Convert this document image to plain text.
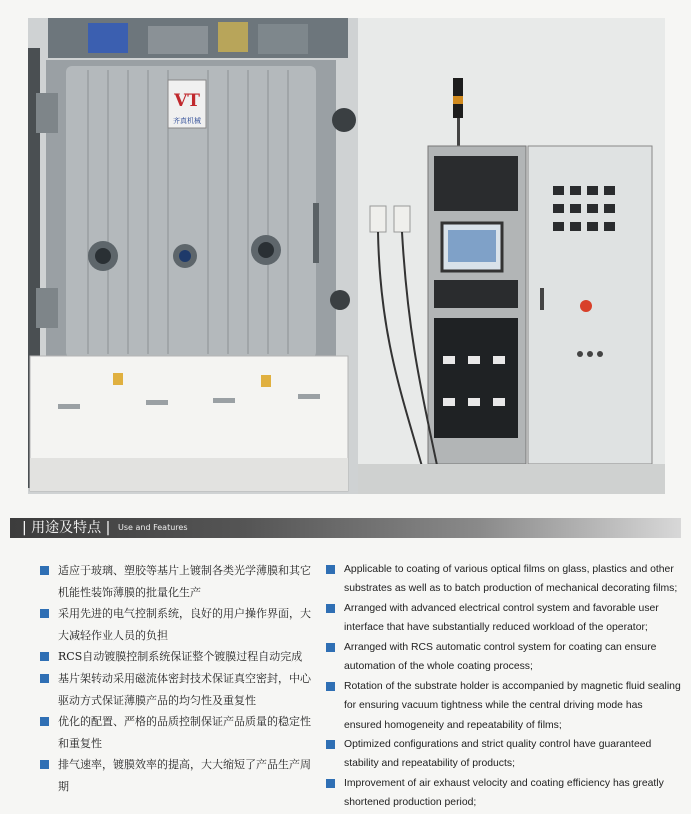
VT
齐真机械
| 用途及特点 | Use and Features
适应于玻璃、塑胶等基片上镀制各类光学薄膜和其它机能性装饰薄膜的批量化生产
采用先进的电气控制系统，良好的用户操作界面，大大减轻作业人员的负担
RCS自动镀膜控制系统保证整个镀膜过程自动完成
基片架转动采用磁流体密封技术保证真空密封，中心驱动方式保证薄膜产品的均匀性及重复性
优化的配置、严格的品质控制保证产品质量的稳定性和重复性
排气速率，镀膜效率的提高，大大缩短了产品生产周期
Applicable to coating of various optical films on glass, plastics and other substrates as well as to batch production of mechanical decorating films;
Arranged with advanced electrical control system and favorable user interface that have substantially reduced workload of the operator;
Arranged with RCS automatic control system for coating can ensure automation of the whole coating process;
Rotation of the substrate holder is accompanied by magnetic fluid sealing for ensuring vacuum tightness while the central driving mode has ensured homogeneity and repeatability of films;
Optimized configurations and strict quality control have guaranteed stability and repeatability of products;
Improvement of air exhaust velocity and coating efficiency has greatly shortened production period;
